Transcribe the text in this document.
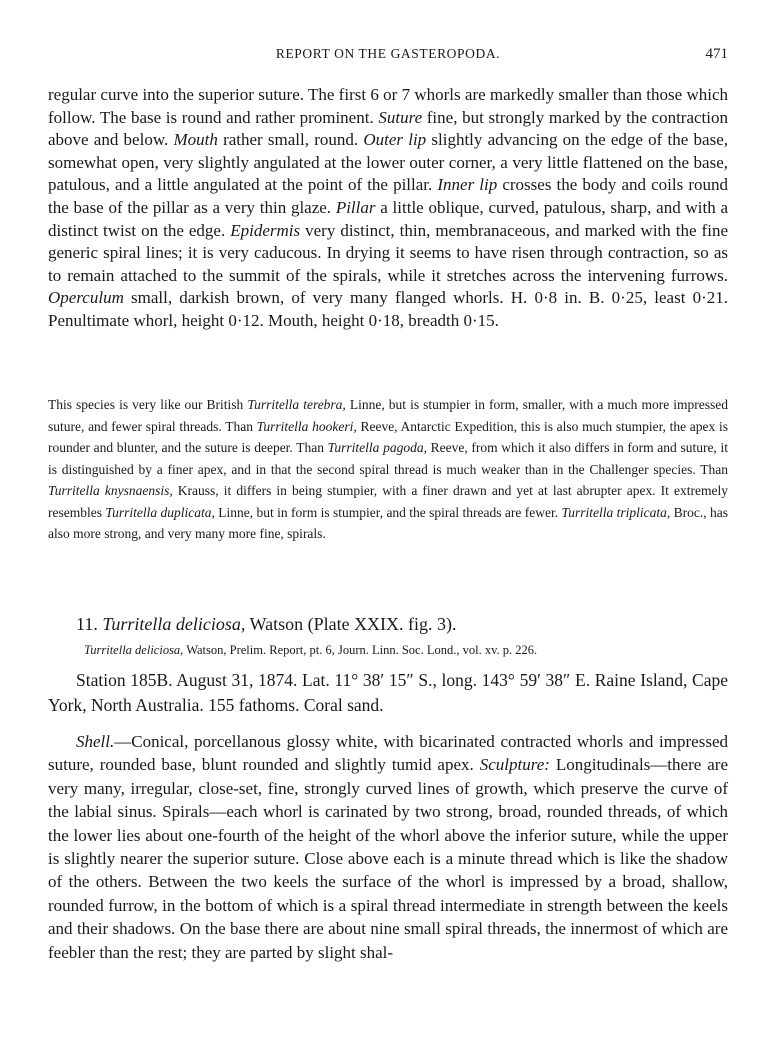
REPORT ON THE GASTEROPODA.	471

regular curve into the superior suture. The first 6 or 7 whorls are markedly smaller than those which follow. The base is round and rather prominent. Suture fine, but strongly marked by the contraction above and below. Mouth rather small, round. Outer lip slightly advancing on the edge of the base, somewhat open, very slightly angulated at the lower outer corner, a very little flattened on the base, patulous, and a little angulated at the point of the pillar. Inner lip crosses the body and coils round the base of the pillar as a very thin glaze. Pillar a little oblique, curved, patulous, sharp, and with a distinct twist on the edge. Epidermis very distinct, thin, membranaceous, and marked with the fine generic spiral lines; it is very caducous. In drying it seems to have risen through contraction, so as to remain attached to the summit of the spirals, while it stretches across the intervening furrows. Operculum small, darkish brown, of very many flanged whorls. H. 0·8 in. B. 0·25, least 0·21. Penultimate whorl, height 0·12. Mouth, height 0·18, breadth 0·15.

This species is very like our British Turritella terebra, Linne, but is stumpier in form, smaller, with a much more impressed suture, and fewer spiral threads. Than Turritella hookeri, Reeve, Antarctic Expedition, this is also much stumpier, the apex is rounder and blunter, and the suture is deeper. Than Turritella pagoda, Reeve, from which it also differs in form and suture, it is distinguished by a finer apex, and in that the second spiral thread is much weaker than in the Challenger species. Than Turritella knysnaensis, Krauss, it differs in being stumpier, with a finer drawn and yet at last abrupter apex. It extremely resembles Turritella duplicata, Linne, but in form is stumpier, and the spiral threads are fewer. Turritella triplicata, Broc., has also more strong, and very many more fine, spirals.

11. Turritella deliciosa, Watson (Plate XXIX. fig. 3).

Turritella deliciosa, Watson, Prelim. Report, pt. 6, Journ. Linn. Soc. Lond., vol. xv. p. 226.

Station 185B. August 31, 1874. Lat. 11° 38′ 15″ S., long. 143° 59′ 38″ E. Raine Island, Cape York, North Australia. 155 fathoms. Coral sand.

Shell.—Conical, porcellanous glossy white, with bicarinated contracted whorls and impressed suture, rounded base, blunt rounded and slightly tumid apex. Sculpture: Longitudinals—there are very many, irregular, close-set, fine, strongly curved lines of growth, which preserve the curve of the labial sinus. Spirals—each whorl is carinated by two strong, broad, rounded threads, of which the lower lies about one-fourth of the height of the whorl above the inferior suture, while the upper is slightly nearer the superior suture. Close above each is a minute thread which is like the shadow of the others. Between the two keels the surface of the whorl is impressed by a broad, shallow, rounded furrow, in the bottom of which is a spiral thread intermediate in strength between the keels and their shadows. On the base there are about nine small spiral threads, the innermost of which are feebler than the rest; they are parted by slight shal-
